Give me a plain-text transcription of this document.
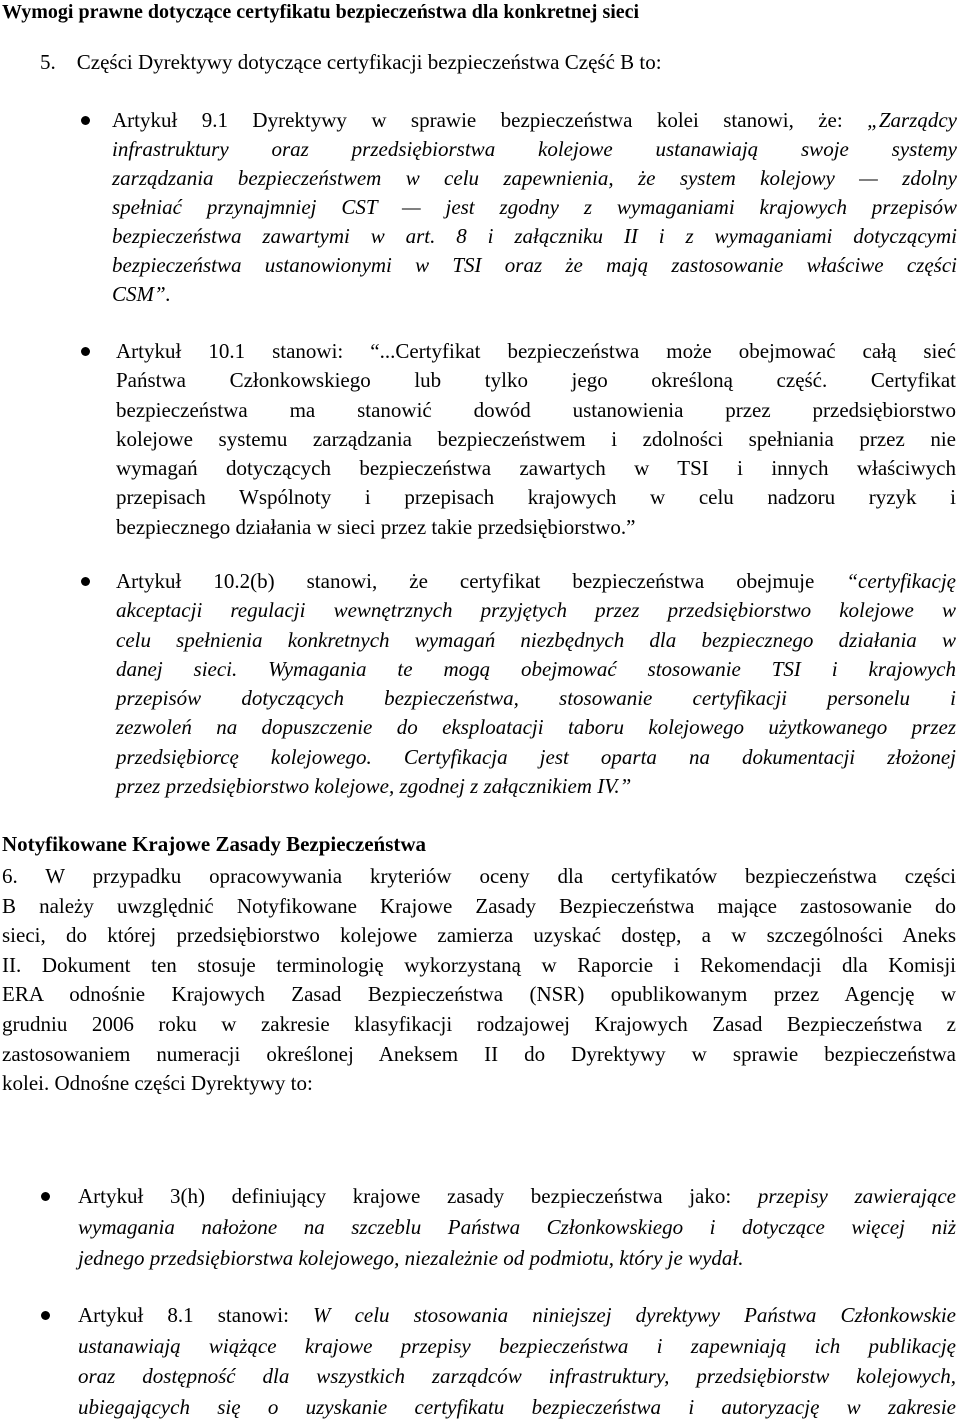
Wymogi prawne dotyczące certyfikatu bezpieczeństwa dla konkretnej sieci
5. Części Dyrektywy dotyczące certyfikacji bezpieczeństwa Część B to:
Artykuł 9.1 Dyrektywy w sprawie bezpieczeństwa kolei stanowi, że: „Zarządcy
infrastruktury oraz przedsiębiorstwa kolejowe ustanawiają swoje systemy
zarządzania bezpieczeństwem w celu zapewnienia, że system kolejowy — zdolny
spełniać przynajmniej CST — jest zgodny z wymaganiami krajowych przepisów
bezpieczeństwa zawartymi w art. 8 i załączniku II i z wymaganiami dotyczącymi
bezpieczeństwa ustanowionymi w TSI oraz że mają zastosowanie właściwe części
CSM”.
Artykuł 10.1 stanowi: “...Certyfikat bezpieczeństwa może obejmować całą sieć
Państwa Członkowskiego lub tylko jego określoną część. Certyfikat
bezpieczeństwa ma stanowić dowód ustanowienia przez przedsiębiorstwo
kolejowe systemu zarządzania bezpieczeństwem i zdolności spełniania przez nie
wymagań dotyczących bezpieczeństwa zawartych w TSI i innych właściwych
przepisach Wspólnoty i przepisach krajowych w celu nadzoru ryzyk i
bezpiecznego działania w sieci przez takie przedsiębiorstwo.”
Artykuł 10.2(b) stanowi, że certyfikat bezpieczeństwa obejmuje “certyfikację
akceptacji regulacji wewnętrznych przyjętych przez przedsiębiorstwo kolejowe w
celu spełnienia konkretnych wymagań niezbędnych dla bezpiecznego działania w
danej sieci. Wymagania te mogą obejmować stosowanie TSI i krajowych
przepisów dotyczących bezpieczeństwa, stosowanie certyfikacji personelu i
zezwoleń na dopuszczenie do eksploatacji taboru kolejowego użytkowanego przez
przedsiębiorcę kolejowego. Certyfikacja jest oparta na dokumentacji złożonej
przez przedsiębiorstwo kolejowe, zgodnej z załącznikiem IV.”
Notyfikowane Krajowe Zasady Bezpieczeństwa
6. W przypadku opracowywania kryteriów oceny dla certyfikatów bezpieczeństwa części
B należy uwzględnić Notyfikowane Krajowe Zasady Bezpieczeństwa mające zastosowanie do
sieci, do której przedsiębiorstwo kolejowe zamierza uzyskać dostęp, a w szczególności Aneks
II. Dokument ten stosuje terminologię wykorzystaną w Raporcie i Rekomendacji dla Komisji
ERA odnośnie Krajowych Zasad Bezpieczeństwa (NSR) opublikowanym przez Agencję w
grudniu 2006 roku w zakresie klasyfikacji rodzajowej Krajowych Zasad Bezpieczeństwa z
zastosowaniem numeracji określonej Aneksem II do Dyrektywy w sprawie bezpieczeństwa
kolei. Odnośne części Dyrektywy to:
Artykuł 3(h) definiujący krajowe zasady bezpieczeństwa jako: przepisy zawierające
wymagania nałożone na szczeblu Państwa Członkowskiego i dotyczące więcej niż
jednego przedsiębiorstwa kolejowego, niezależnie od podmiotu, który je wydał.
Artykuł 8.1 stanowi: W celu stosowania niniejszej dyrektywy Państwa Członkowskie
ustanawiają wiążące krajowe przepisy bezpieczeństwa i zapewniają ich publikację
oraz dostępność dla wszystkich zarządców infrastruktury, przedsiębiorstw kolejowych,
ubiegających się o uzyskanie certyfikatu bezpieczeństwa i autoryzację w zakresie
